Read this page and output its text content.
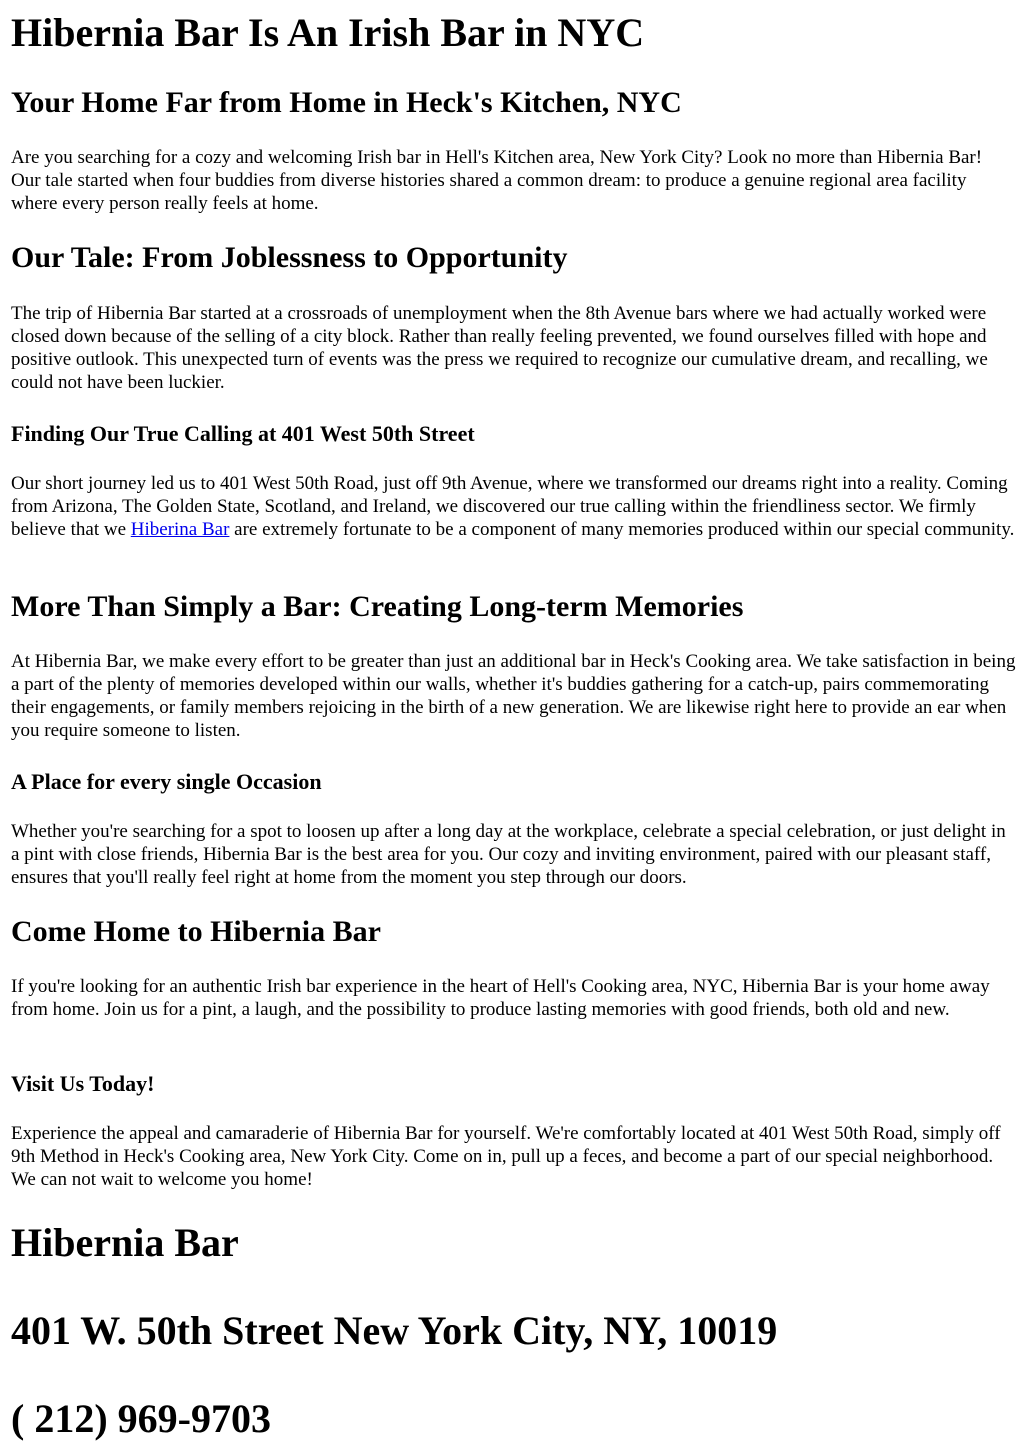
Hibernia Bar Is An Irish Bar in NYC
Your Home Far from Home in Heck's Kitchen, NYC

Are you searching for a cozy and welcoming Irish bar in Hell's Kitchen area, New York City? Look no more than Hibernia Bar! Our tale started when four buddies from diverse histories shared a common dream: to produce a genuine regional area facility where every person really feels at home.

Our Tale: From Joblessness to Opportunity

The trip of Hibernia Bar started at a crossroads of unemployment when the 8th Avenue bars where we had actually worked were closed down because of the selling of a city block. Rather than really feeling prevented, we found ourselves filled with hope and positive outlook. This unexpected turn of events was the press we required to recognize our cumulative dream, and recalling, we could not have been luckier.

Finding Our True Calling at 401 West 50th Street

Our short journey led us to 401 West 50th Road, just off 9th Avenue, where we transformed our dreams right into a reality. Coming from Arizona, The Golden State, Scotland, and Ireland, we discovered our true calling within the friendliness sector. We firmly believe that we Hiberina Bar are extremely fortunate to be a component of many memories produced within our special community.

More Than Simply a Bar: Creating Long-term Memories

At Hibernia Bar, we make every effort to be greater than just an additional bar in Heck's Cooking area. We take satisfaction in being a part of the plenty of memories developed within our walls, whether it's buddies gathering for a catch-up, pairs commemorating their engagements, or family members rejoicing in the birth of a new generation. We are likewise right here to provide an ear when you require someone to listen.

A Place for every single Occasion

Whether you're searching for a spot to loosen up after a long day at the workplace, celebrate a special celebration, or just delight in a pint with close friends, Hibernia Bar is the best area for you. Our cozy and inviting environment, paired with our pleasant staff, ensures that you'll really feel right at home from the moment you step through our doors.

Come Home to Hibernia Bar

If you're looking for an authentic Irish bar experience in the heart of Hell's Cooking area, NYC, Hibernia Bar is your home away from home. Join us for a pint, a laugh, and the possibility to produce lasting memories with good friends, both old and new.

Visit Us Today!

Experience the appeal and camaraderie of Hibernia Bar for yourself. We're comfortably located at 401 West 50th Road, simply off 9th Method in Heck's Cooking area, New York City. Come on in, pull up a feces, and become a part of our special neighborhood. We can not wait to welcome you home!

Hibernia Bar
401 W. 50th Street New York City, NY, 10019
( 212) 969-9703
